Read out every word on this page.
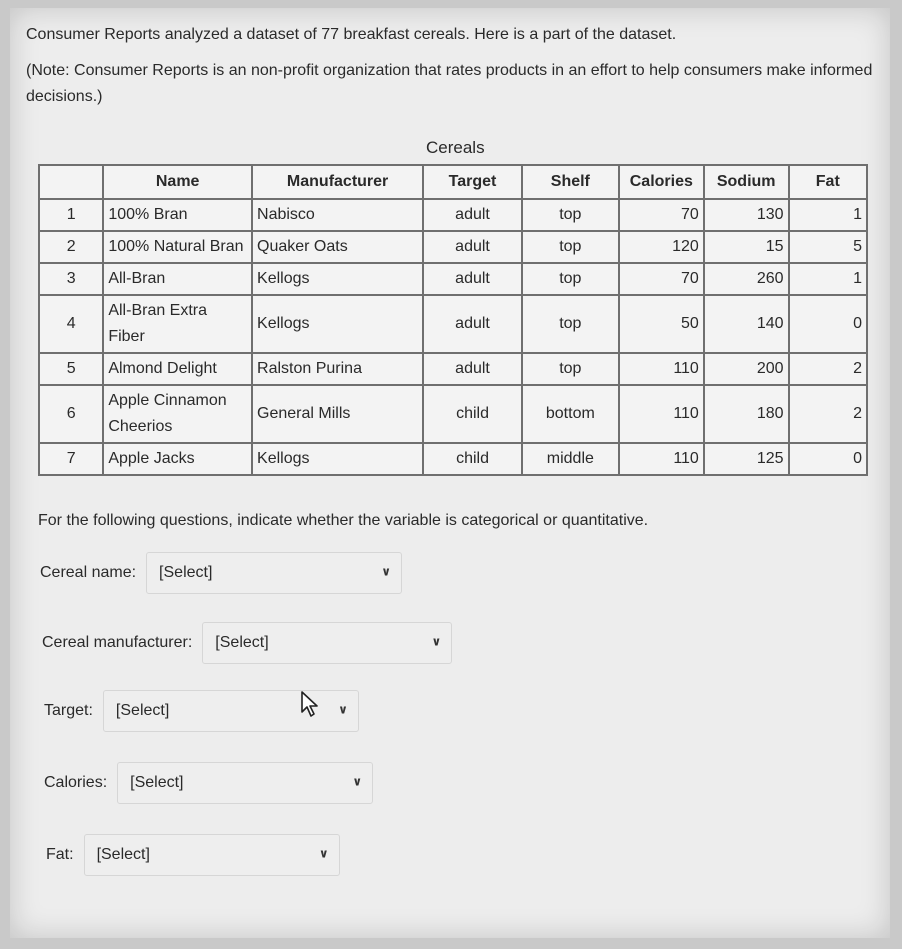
Consumer Reports analyzed a dataset of 77 breakfast cereals. Here is a part of the dataset.

(Note: Consumer Reports is an non-profit organization that rates products in an effort to help consumers make informed decisions.)

Cereals
	Name	Manufacturer	Target	Shelf	Calories	Sodium	Fat
1	100% Bran	Nabisco	adult	top	70	130	1
2	100% Natural Bran	Quaker Oats	adult	top	120	15	5
3	All-Bran	Kellogs	adult	top	70	260	1
4	All-Bran Extra Fiber	Kellogs	adult	top	50	140	0
5	Almond Delight	Ralston Purina	adult	top	110	200	2
6	Apple Cinnamon Cheerios	General Mills	child	bottom	110	180	2
7	Apple Jacks	Kellogs	child	middle	110	125	0
For the following questions, indicate whether the variable is categorical or quantitative.
Cereal name: [Select]	∨
Cereal manufacturer: [Select]	∨
Target: [Select]	∨
Calories: [Select]	∨
Fat: [Select]	∨
